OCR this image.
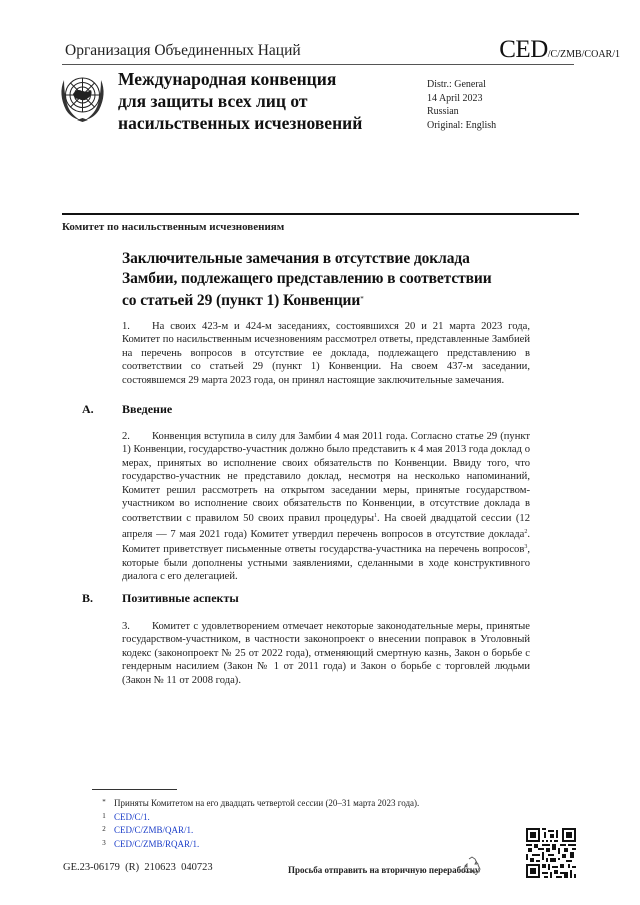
Организация Объединенных Наций	CED/C/ZMB/COAR/1
Международная конвенция
для защиты всех лиц от
насильственных исчезновений
Distr.: General
14 April 2023
Russian
Original: English
Комитет по насильственным исчезновениям
Заключительные замечания в отсутствие доклада
Замбии, подлежащего представлению в соответствии
со статьей 29 (пункт 1) Конвенции*
1. На своих 423-м и 424-м заседаниях, состоявшихся 20 и 21 марта 2023 года, Комитет по насильственным исчезновениям рассмотрел ответы, представленные Замбией на перечень вопросов в отсутствие ее доклада, подлежащего представлению в соответствии со статьей 29 (пункт 1) Конвенции. На своем 437-м заседании, состоявшемся 29 марта 2023 года, он принял настоящие заключительные замечания.
A. Введение
2. Конвенция вступила в силу для Замбии 4 мая 2011 года. Согласно статье 29 (пункт 1) Конвенции, государство-участник должно было представить к 4 мая 2013 года доклад о мерах, принятых во исполнение своих обязательств по Конвенции. Ввиду того, что государство-участник не представило доклад, несмотря на несколько напоминаний, Комитет решил рассмотреть на открытом заседании меры, принятые государством-участником во исполнение своих обязательств по Конвенции, в отсутствие доклада в соответствии с правилом 50 своих правил процедуры$^1$. На своей двадцатой сессии (12 апреля — 7 мая 2021 года) Комитет утвердил перечень вопросов в отсутствие доклада$^2$. Комитет приветствует письменные ответы государства-участника на перечень вопросов$^3$, которые были дополнены устными заявлениями, сделанными в ходе конструктивного диалога с его делегацией.
B. Позитивные аспекты
3. Комитет с удовлетворением отмечает некоторые законодательные меры, принятые государством-участником, в частности законопроект о внесении поправок в Уголовный кодекс (законопроект № 25 от 2022 года), отменяющий смертную казнь, Закон о борьбе с гендерным насилием (Закон № 1 от 2011 года) и Закон о борьбе с торговлей людьми (Закон № 11 от 2008 года).
* Приняты Комитетом на его двадцать четвертой сессии (20–31 марта 2023 года).
1 CED/C/1.
2 CED/C/ZMB/QAR/1.
3 CED/C/ZMB/RQAR/1.
GE.23-06179  (R)  210623  040723	Просьба отправить на вторичную переработку
